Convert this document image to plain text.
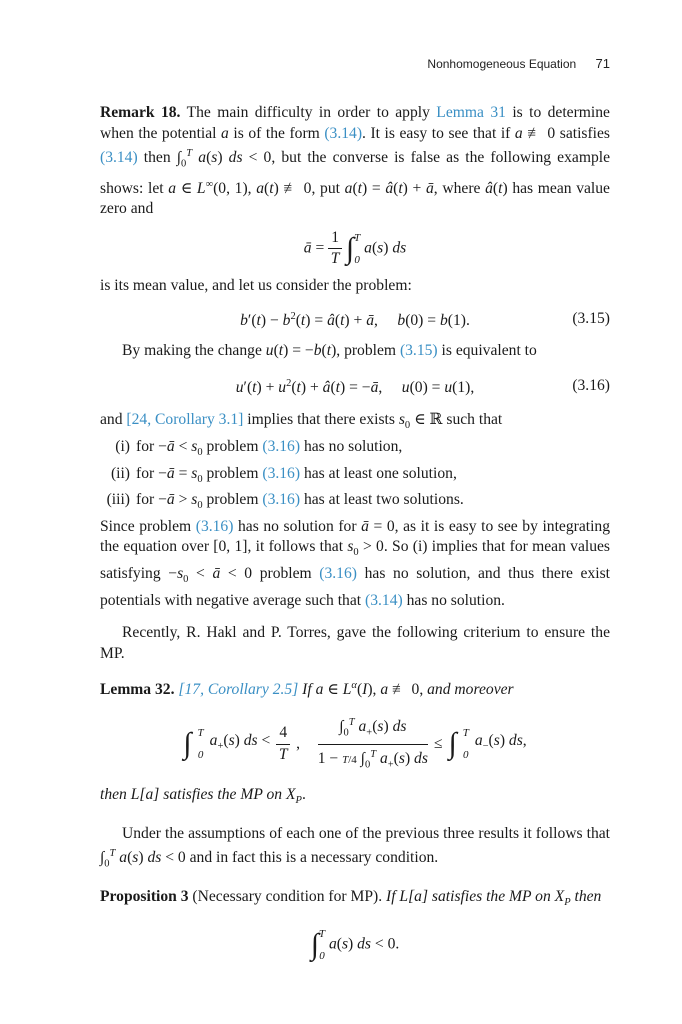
Nonhomogeneous Equation 71

Remark 18. The main difficulty in order to apply Lemma 31 is to determine when the potential a is of the form (3.14). It is easy to see that if a ≢ 0 satisfies (3.14) then $\int_0^T$ a(s) ds < 0, but the converse is false as the following example shows: let a ∈ L∞(0, 1), a(t) ≢ 0, put a(t) = â(t) + ā, where â(t) has mean value zero and

ā = $\frac{1}{T}$ ∫ T
0
a(s) ds

is its mean value, and let us consider the problem:

$b'(t) - b^2(t)$ = â(t) + ā,     b(0) = b(1).	(3.15)

By making the change u(t) = −b(t), problem (3.15) is equivalent to

$u'(t) + u^2(t)$ + â(t) = −ā,     u(0) = u(1),	(3.16)

and [24, Corollary 3.1] implies that there exists $s_0$ ∈ ℝ such that

(i) for −ā < $s_0$ problem (3.16) has no solution,
(ii) for −ā = $s_0$ problem (3.16) has at least one solution,
(iii) for −ā > $s_0$ problem (3.16) has at least two solutions.

Since problem (3.16) has no solution for ā = 0, as it is easy to see by integrating the equation over [0, 1], it follows that $s_0 > 0$. So (i) implies that for mean values satisfying $-s_0$ < ā < 0 problem (3.16) has no solution, and thus there exist potentials with negative average such that (3.14) has no solution.

Recently, R. Hakl and P. Torres, gave the following criterium to ensure the MP.

Lemma 32. [17, Corollary 2.5] If a ∈ $L^\alpha(I)$, a ≢ 0, and moreover

∫ T
0
$a_+(s)$ ds < $\frac{4}{T}$ , $\frac{\int_0^T a_+(s) ds}{1 - T/4 \int_0^T a_+(s) ds}$ ≤ ∫ T
0
$a_-(s)$ ds,

then L[a] satisfies the MP on $X_P$.

Under the assumptions of each one of the previous three results it follows that $\int_0^T$ a(s) ds < 0 and in fact this is a necessary condition.

Proposition 3 (Necessary condition for MP). If L[a] satisfies the MP on $X_P$ then

∫ T
0
a(s) ds < 0.
